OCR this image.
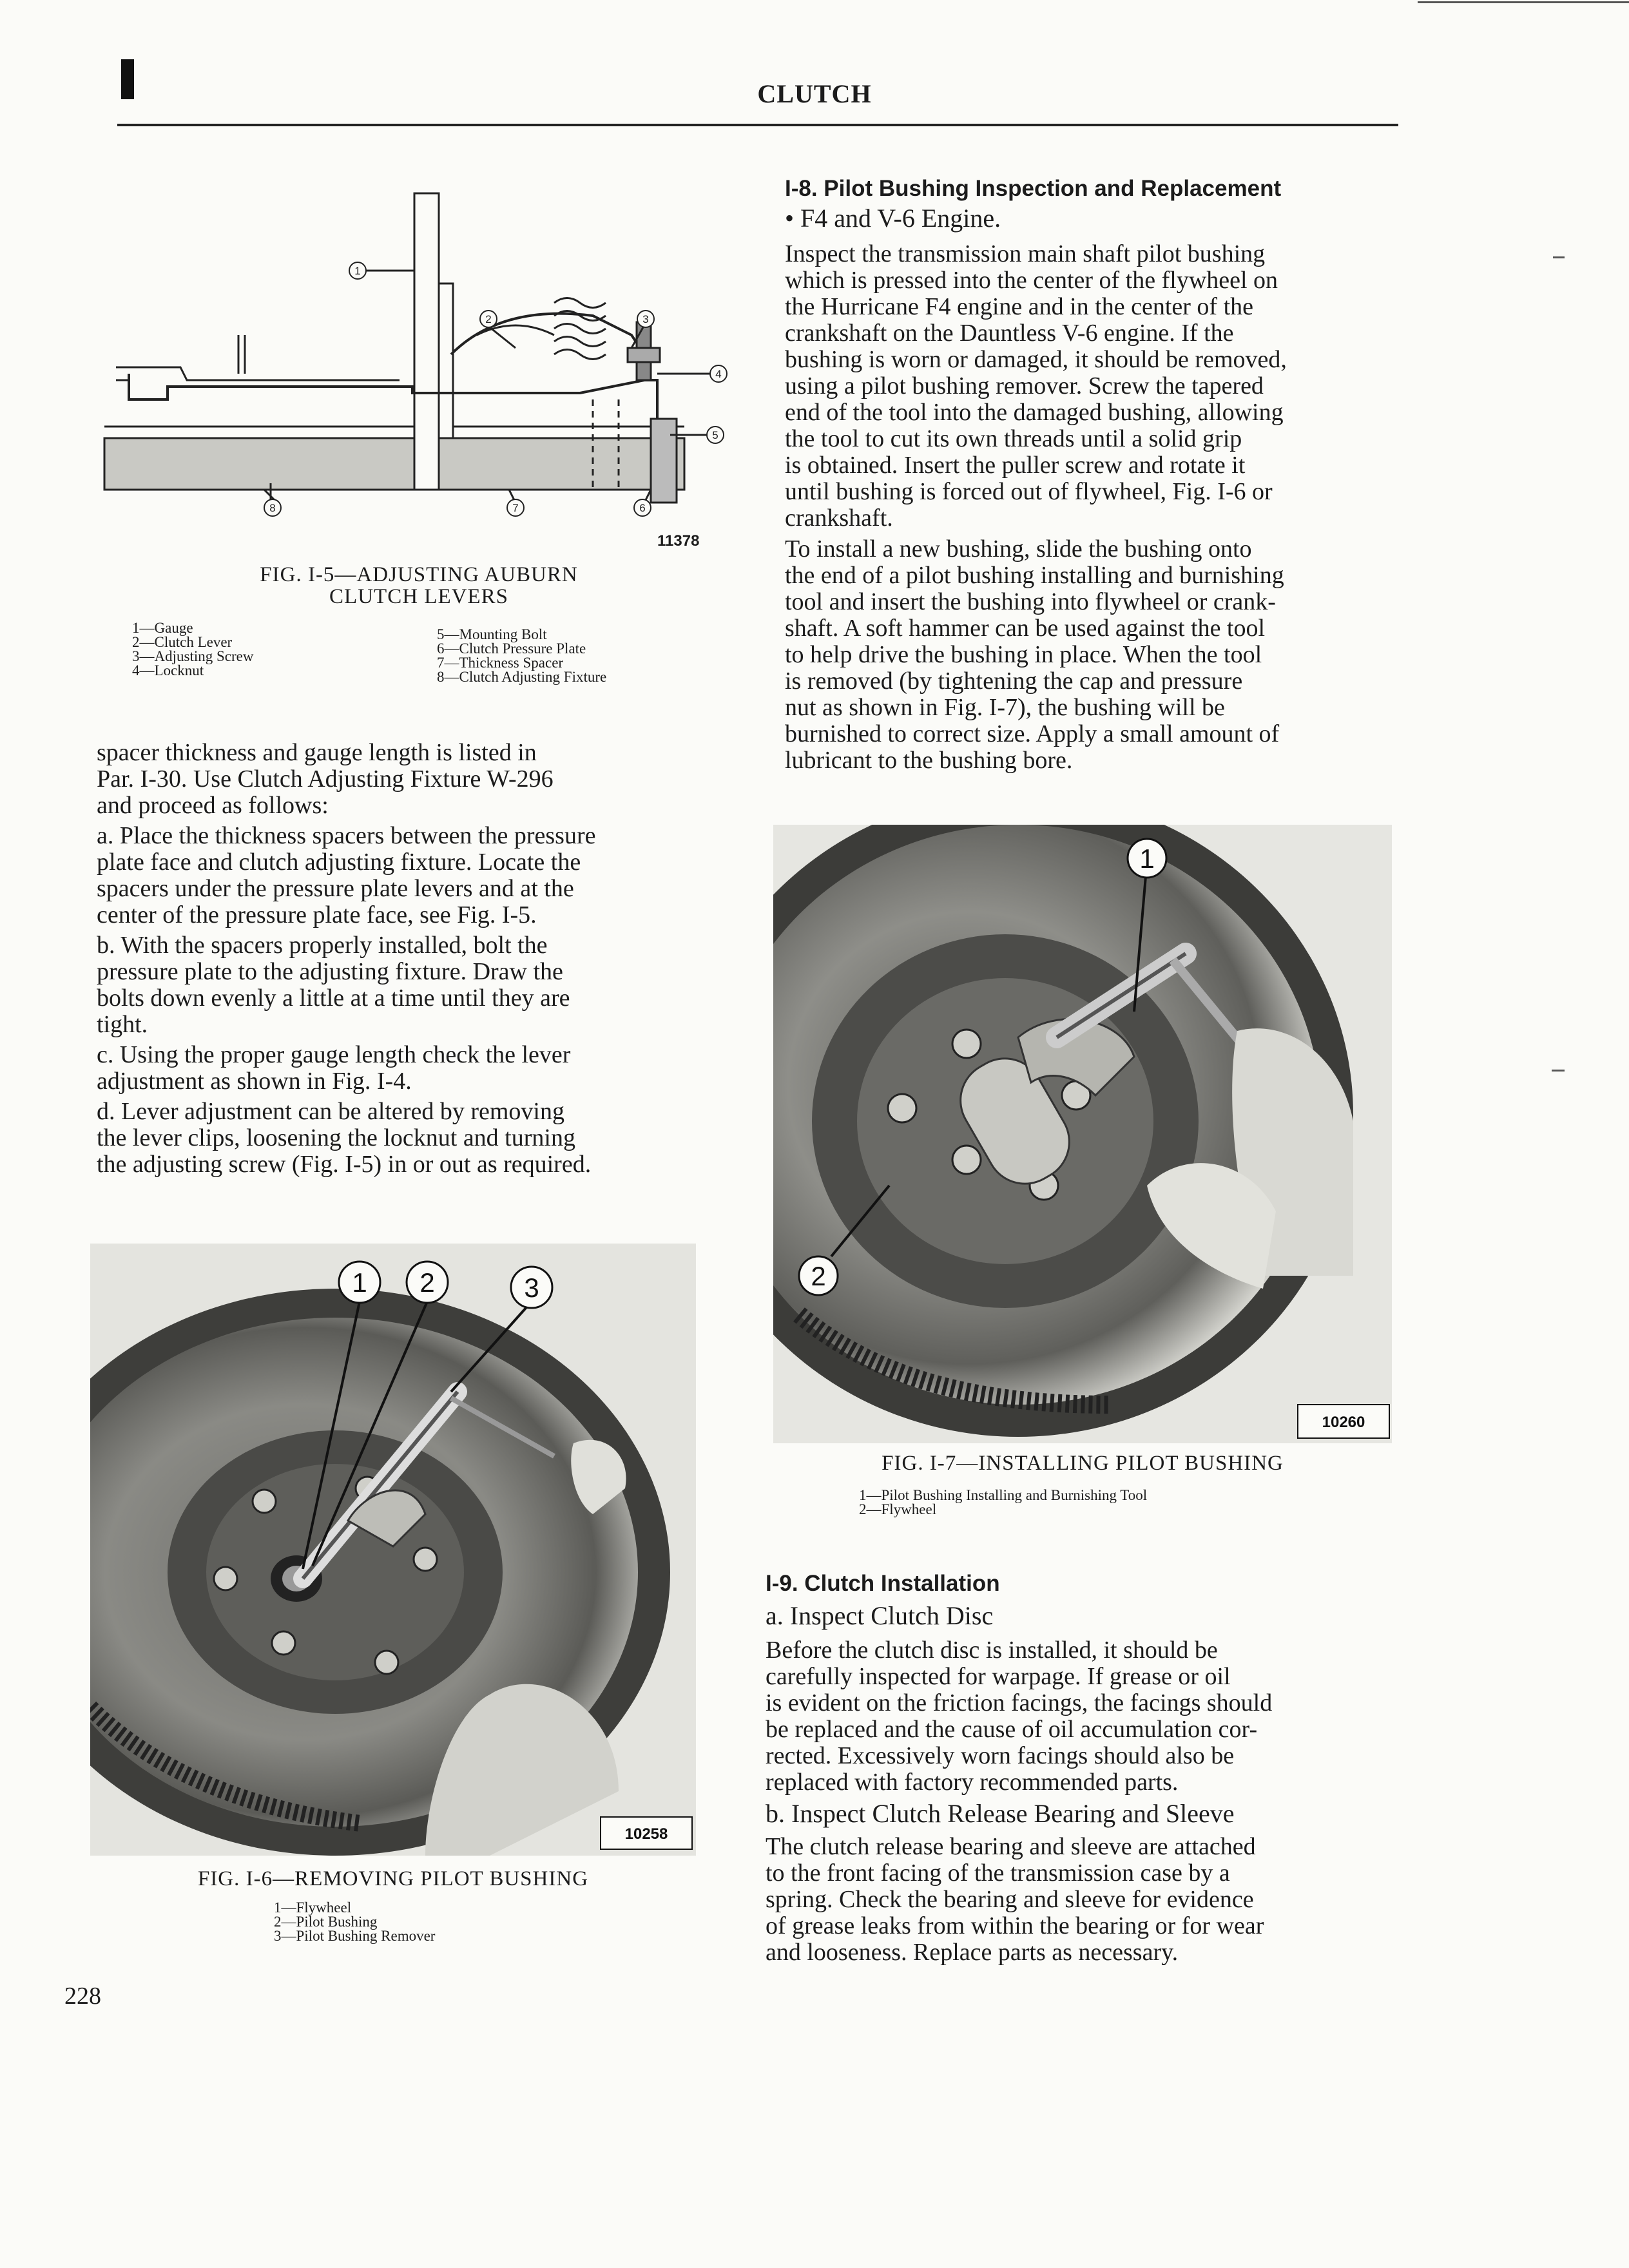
CLUTCH
1
2	3
4
5
6
7
8
11378
FIG. I-5—ADJUSTING AUBURN
CLUTCH LEVERS
1—Gauge
2—Clutch Lever
3—Adjusting Screw
4—Locknut
5—Mounting Bolt
6—Clutch Pressure Plate
7—Thickness Spacer
8—Clutch Adjusting Fixture
spacer thickness and gauge length is listed in
Par. I-30. Use Clutch Adjusting Fixture W-296
and proceed as follows:
a. Place the thickness spacers between the pressure
plate face and clutch adjusting fixture. Locate the
spacers under the pressure plate levers and at the
center of the pressure plate face, see Fig. I-5.
b. With the spacers properly installed, bolt the
pressure plate to the adjusting fixture. Draw the
bolts down evenly a little at a time until they are
tight.
c. Using the proper gauge length check the lever
adjustment as shown in Fig. I-4.
d. Lever adjustment can be altered by removing
the lever clips, loosening the locknut and turning
the adjusting screw (Fig. I-5) in or out as required.
1 2	3
10258
FIG. I-6—REMOVING PILOT BUSHING
1—Flywheel
2—Pilot Bushing
3—Pilot Bushing Remover
I-8. Pilot Bushing Inspection and Replacement
• F4 and V-6 Engine.
Inspect the transmission main shaft pilot bushing
which is pressed into the center of the flywheel on
the Hurricane F4 engine and in the center of the
crankshaft on the Dauntless V-6 engine. If the
bushing is worn or damaged, it should be removed,
using a pilot bushing remover. Screw the tapered
end of the tool into the damaged bushing, allowing
the tool to cut its own threads until a solid grip
is obtained. Insert the puller screw and rotate it
until bushing is forced out of flywheel, Fig. I-6 or
crankshaft.
To install a new bushing, slide the bushing onto
the end of a pilot bushing installing and burnishing
tool and insert the bushing into flywheel or crank-
shaft. A soft hammer can be used against the tool
to help drive the bushing in place. When the tool
is removed (by tightening the cap and pressure
nut as shown in Fig. I-7), the bushing will be
burnished to correct size. Apply a small amount of
lubricant to the bushing bore.
1
2
10260
FIG. I-7—INSTALLING PILOT BUSHING
1—Pilot Bushing Installing and Burnishing Tool
2—Flywheel
I-9. Clutch Installation
a. Inspect Clutch Disc
Before the clutch disc is installed, it should be
carefully inspected for warpage. If grease or oil
is evident on the friction facings, the facings should
be replaced and the cause of oil accumulation cor-
rected. Excessively worn facings should also be
replaced with factory recommended parts.
b. Inspect Clutch Release Bearing and Sleeve
The clutch release bearing and sleeve are attached
to the front facing of the transmission case by a
spring. Check the bearing and sleeve for evidence
of grease leaks from within the bearing or for wear
and looseness. Replace parts as necessary.
228
